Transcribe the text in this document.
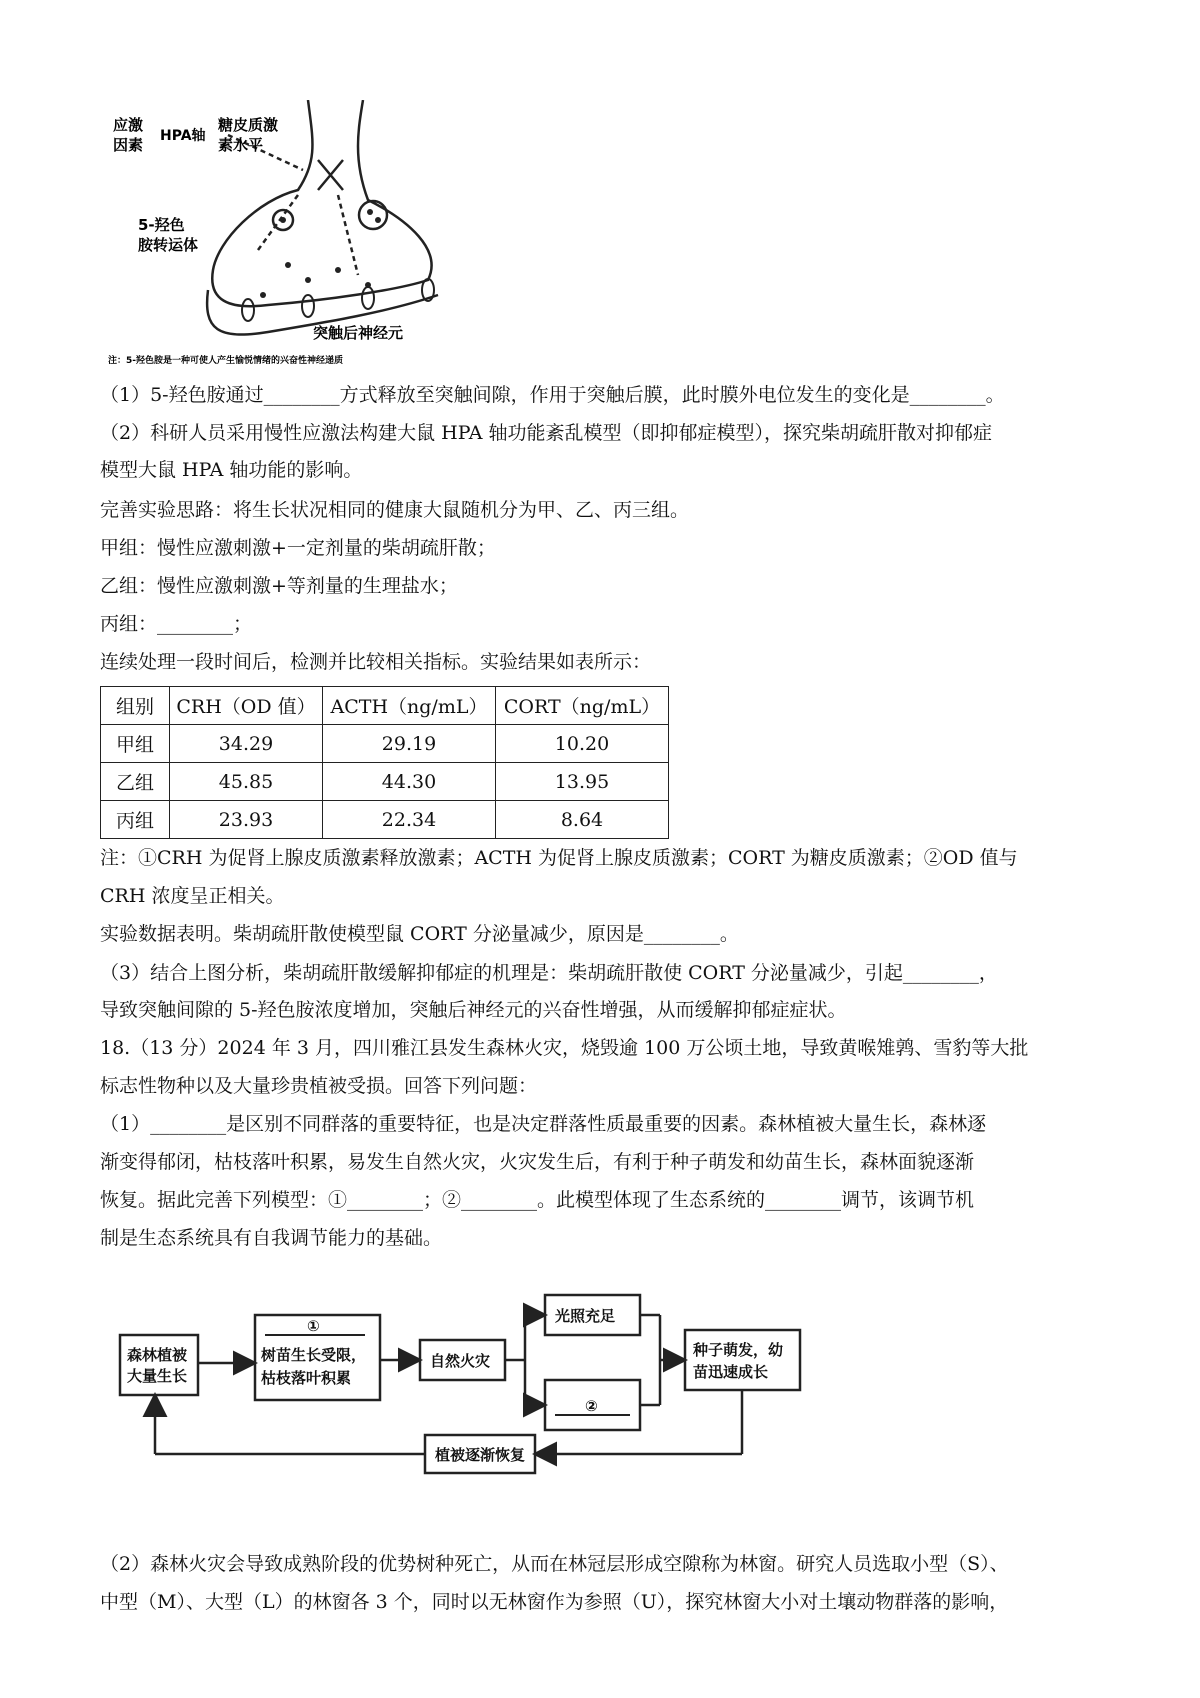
应激
因素 HPA轴
糖皮质激
素水平
5-羟色
胺转运体
突触后神经元
注：5-羟色胺是一种可使人产生愉悦情绪的兴奋性神经递质
（1）5-羟色胺通过________方式释放至突触间隙，作用于突触后膜，此时膜外电位发生的变化是________。
（2）科研人员采用慢性应激法构建大鼠 HPA 轴功能紊乱模型（即抑郁症模型），探究柴胡疏肝散对抑郁症
模型大鼠 HPA 轴功能的影响。
完善实验思路：将生长状况相同的健康大鼠随机分为甲、乙、丙三组。
甲组：慢性应激刺激+一定剂量的柴胡疏肝散；
乙组：慢性应激刺激+等剂量的生理盐水；
丙组：________；
连续处理一段时间后，检测并比较相关指标。实验结果如表所示：
组别	CRH（OD 值）	ACTH（ng/mL）	CORT（ng/mL）
甲组	34.29	29.19	10.20
乙组	45.85	44.30	13.95
丙组	23.93	22.34	8.64
注：①CRH 为促肾上腺皮质激素释放激素；ACTH 为促肾上腺皮质激素；CORT 为糖皮质激素；②OD 值与
CRH 浓度呈正相关。
实验数据表明。柴胡疏肝散使模型鼠 CORT 分泌量减少，原因是________。
（3）结合上图分析，柴胡疏肝散缓解抑郁症的机理是：柴胡疏肝散使 CORT 分泌量减少，引起________，
导致突触间隙的 5-羟色胺浓度增加，突触后神经元的兴奋性增强，从而缓解抑郁症症状。
18.（13 分）2024 年 3 月，四川雅江县发生森林火灾，烧毁逾 100 万公顷土地，导致黄喉雉鹑、雪豹等大批
标志性物种以及大量珍贵植被受损。回答下列问题：
（1）________是区别不同群落的重要特征，也是决定群落性质最重要的因素。森林植被大量生长，森林逐
渐变得郁闭，枯枝落叶积累，易发生自然火灾，火灾发生后，有利于种子萌发和幼苗生长，森林面貌逐渐
恢复。据此完善下列模型：①________；②________。此模型体现了生态系统的________调节，该调节机
制是生态系统具有自我调节能力的基础。
森林植被
大量生长
①
树苗生长受限，
枯枝落叶积累
自然火灾
光照充足
②
种子萌发，幼
苗迅速成长
植被逐渐恢复
（2）森林火灾会导致成熟阶段的优势树种死亡，从而在林冠层形成空隙称为林窗。研究人员选取小型（S）、
中型（M）、大型（L）的林窗各 3 个，同时以无林窗作为参照（U），探究林窗大小对土壤动物群落的影响，
